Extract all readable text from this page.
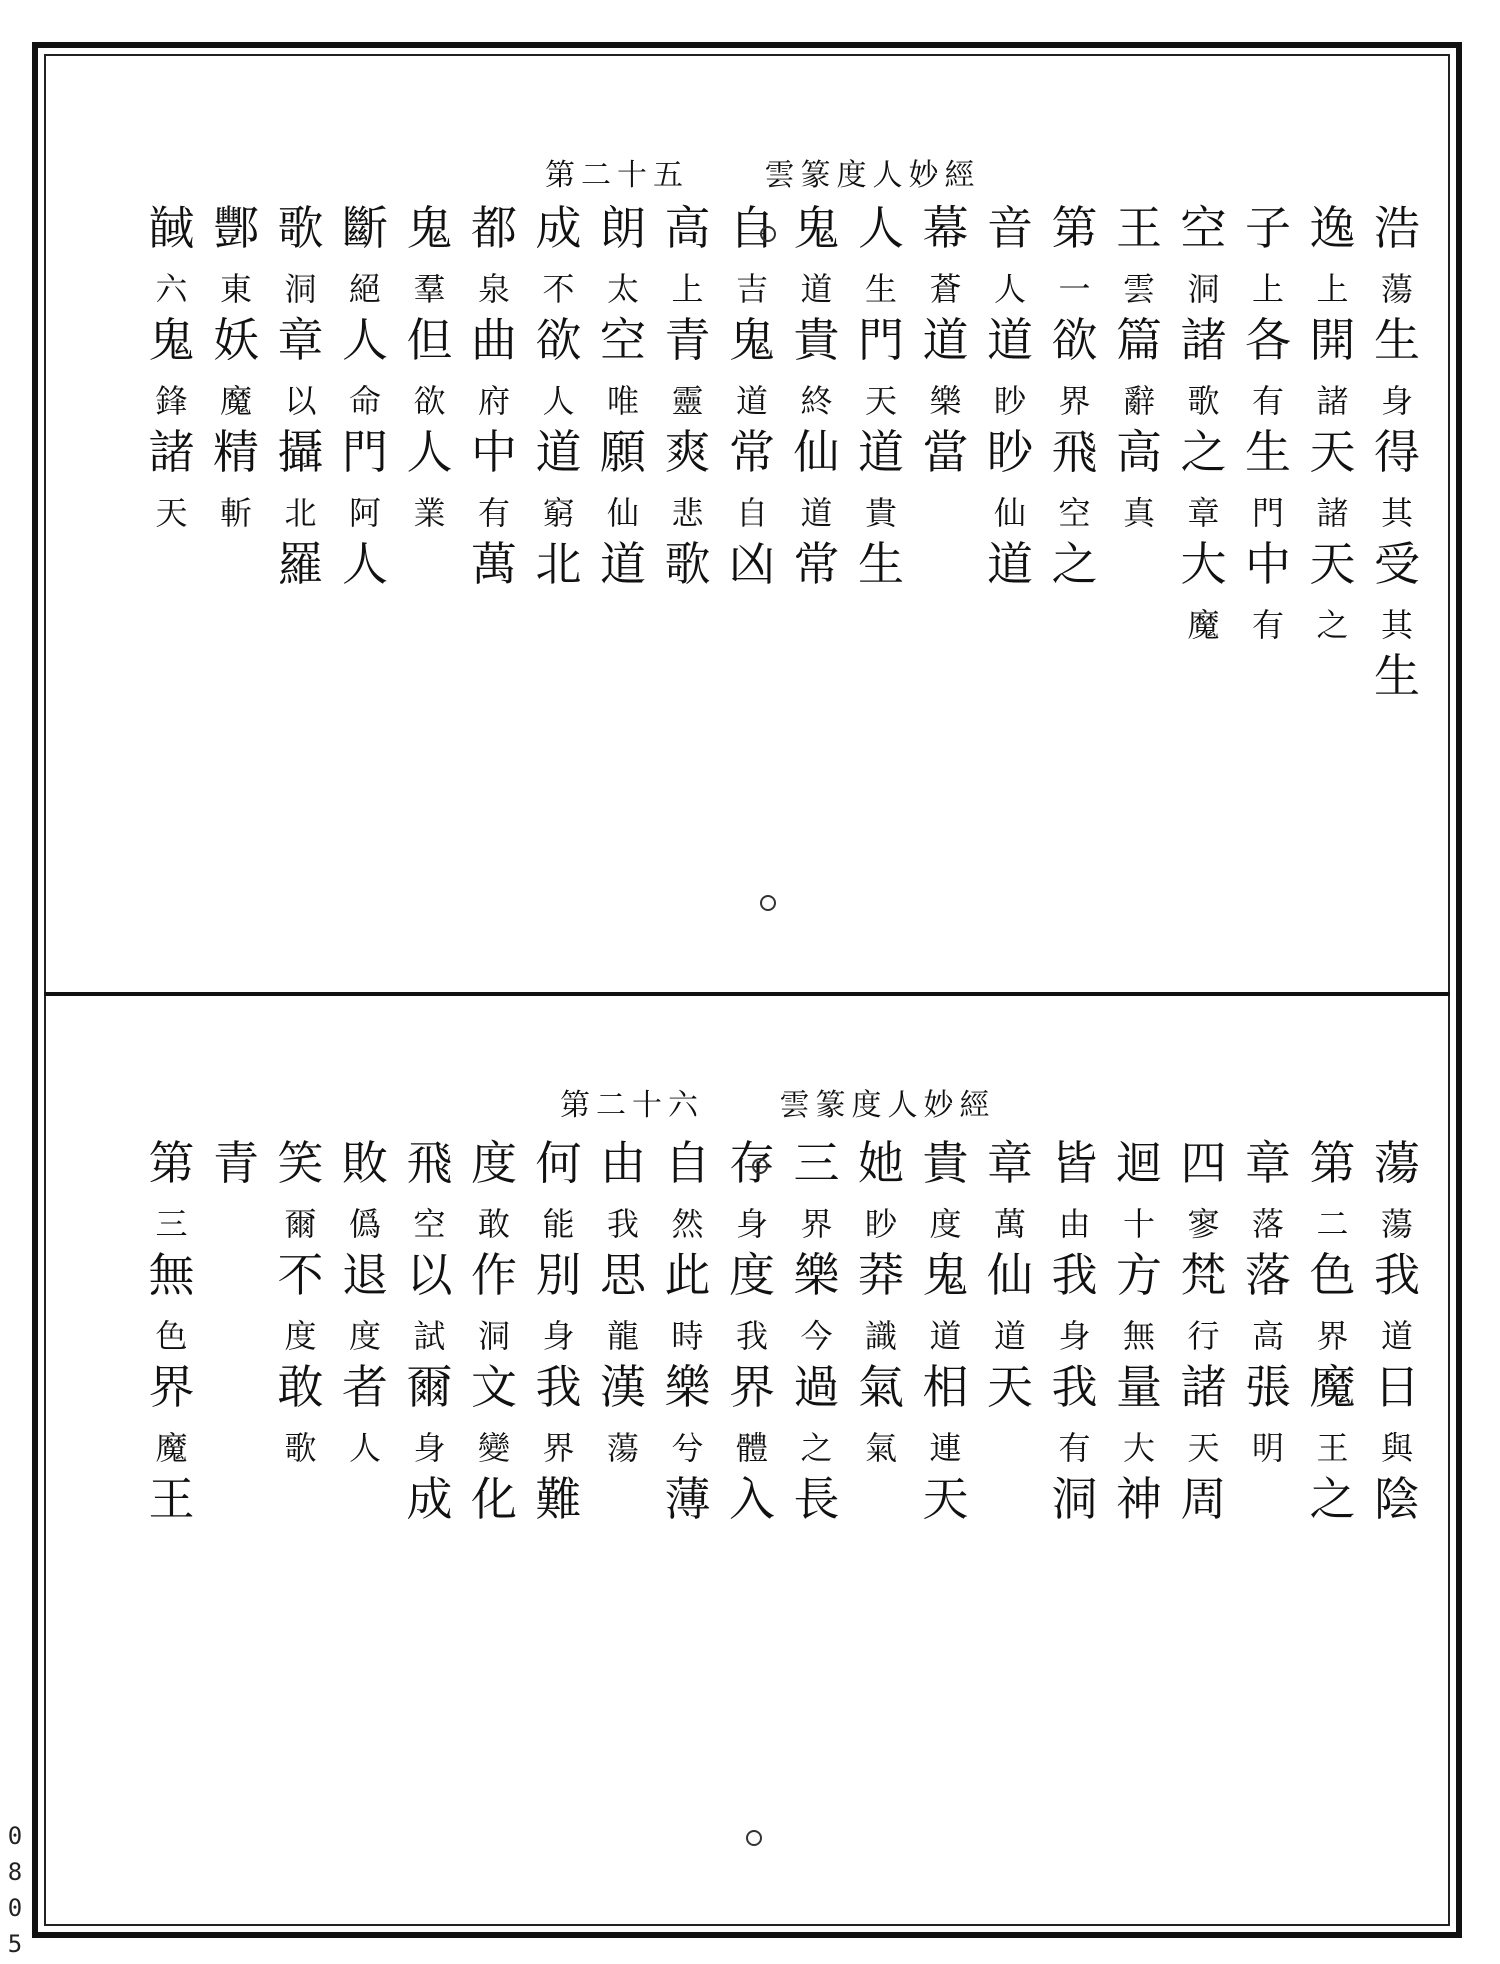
第二十五	雲篆度人妙經
第二十六	雲篆度人妙經
浩
蕩
生
身
得
其
受
其
生
逸
上
開
諸
天
諸
天
之
子
上
各
有
生
門
中
有
空
洞
諸
歌
之
章
大
魔
王
雲
篇
辭
高
真
第
一
欲
界
飛
空
之
音
人
道
眇
眇
仙
道
幕
蒼
道
樂
當
人
生
門
天
道
貴
生
鬼
道
貴
終
仙
道
常
自
吉
鬼
道
常
自
凶
高
上
青
靈
爽
悲
歌
朗
太
空
唯
願
仙
道
成
不
欲
人
道
窮
北
都
泉
曲
府
中
有
萬
鬼
羣
但
欲
人
業
斷
絕
人
命
門
阿
人
歌
洞
章
以
攝
北
羅
酆
東
妖
魔
精
斬
馘
六
鬼
鋒
諸
天
蕩
蕩
我
道
日
與
陰
第
二
色
界
魔
王
之
章
落
落
高
張
明
四
寥
梵
行
諸
天
周
迴
十
方
無
量
大
神
皆
由
我
身
我
有
洞
章
萬
仙
道
天
貴
度
鬼
道
相
連
天
她
眇
莽
識
氣
氣
三
界
樂
今
過
之
長
存
身
度
我
界
體
入
自
然
此
時
樂
兮
薄
由
我
思
龍
漢
蕩
何
能
別
身
我
界
難
度
敢
作
洞
文
變
化
飛
空
以
試
爾
身
成
敗
僞
退
度
者
人
笑
爾
不
度
敢
歌
青
第
三
無
色
界
魔
王
0
8
0
5
